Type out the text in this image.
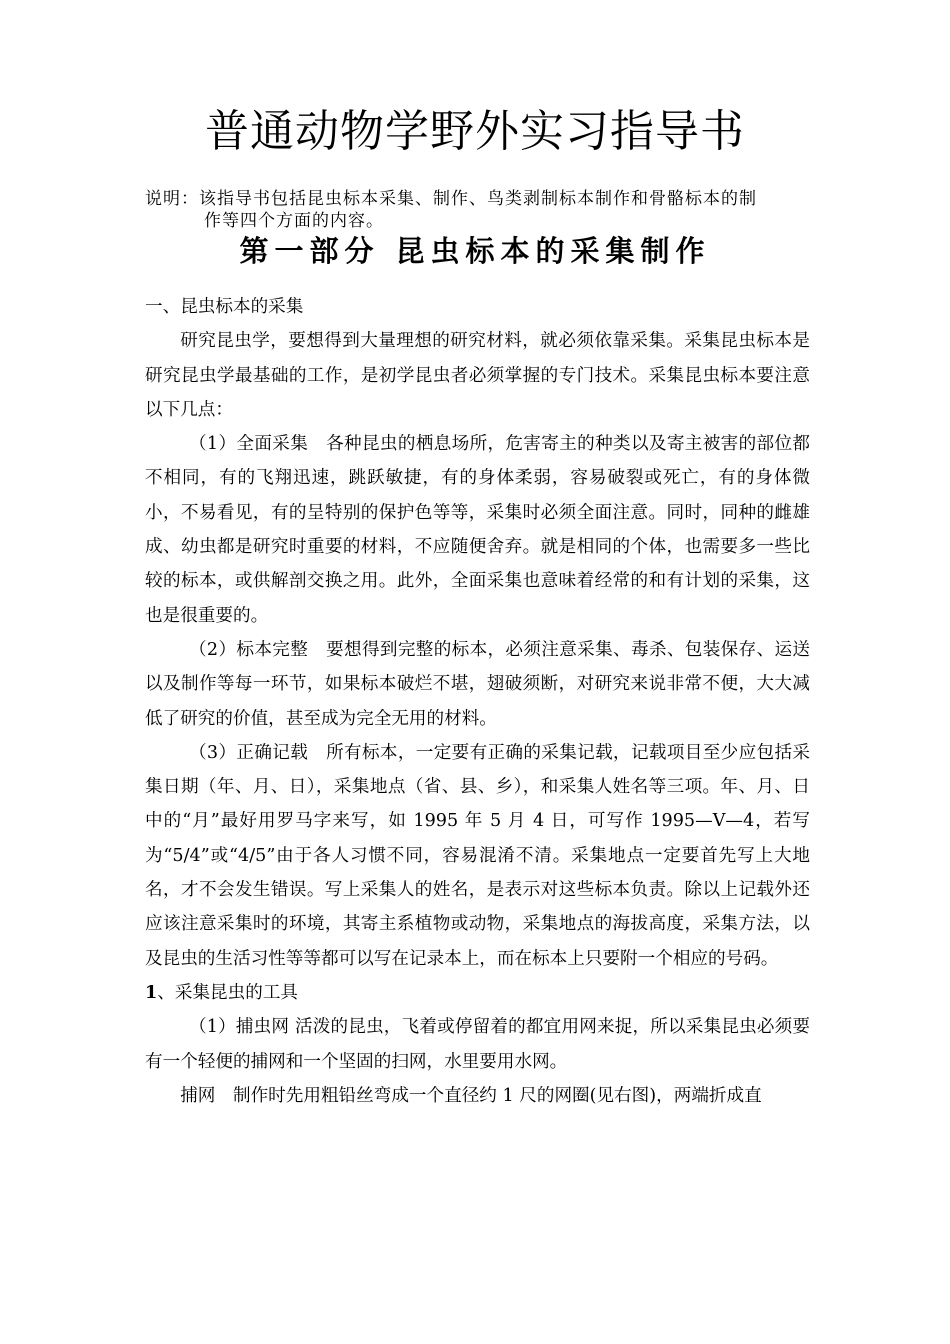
普通动物学野外实习指导书
说明：该指导书包括昆虫标本采集、制作、鸟类剥制标本制作和骨骼标本的制
作等四个方面的内容。
第一部分 昆虫标本的采集制作

一、昆虫标本的采集

研究昆虫学，要想得到大量理想的研究材料，就必须依靠采集。采集昆虫标本是研究昆虫学最基础的工作，是初学昆虫者必须掌握的专门技术。采集昆虫标本要注意以下几点：

（1）全面采集　各种昆虫的栖息场所，危害寄主的种类以及寄主被害的部位都 不相同，有的飞翔迅速，跳跃敏捷，有的身体柔弱，容易破裂或死亡，有的身体微小，不易看见，有的呈特别的保护色等等，采集时必须全面注意。同时，同种的雌雄成、幼虫都是研究时重要的材料，不应随便舍弃。就是相同的个体，也需要多一些比较的标本，或供解剖交换之用。此外，全面采集也意味着经常的和有计划的采集，这也是很重要的。

（2）标本完整　要想得到完整的标本，必须注意采集、毒杀、包装保存、运送以及制作等每一环节，如果标本破烂不堪，翅破须断，对研究来说非常不便，大大减低了研究的价值，甚至成为完全无用的材料。

（3）正确记载　所有标本，一定要有正确的采集记载，记载项目至少应包括采集日期（年、月、日），采集地点（省、县、乡），和采集人姓名等三项。年、月、日中的“月”最好用罗马字来写，如 1995 年 5 月 4 日，可写作 1995—V—4，若写为“5/4”或“4/5”由于各人习惯不同，容易混淆不清。采集地点一定要首先写上大地名，才不会发生错误。写上采集人的姓名，是表示对这些标本负责。除以上记载外还应该注意采集时的环境，其寄主系植物或动物，采集地点的海拔高度，采集方法，以及昆虫的生活习性等等都可以写在记录本上，而在标本上只要附一个相应的号码。

1、采集昆虫的工具

（1）捕虫网 活泼的昆虫，飞着或停留着的都宜用网来捉，所以采集昆虫必须要有一个轻便的捕网和一个坚固的扫网，水里要用水网。

捕网　制作时先用粗铅丝弯成一个直径约 1 尺的网圈(见右图)，两端折成直
